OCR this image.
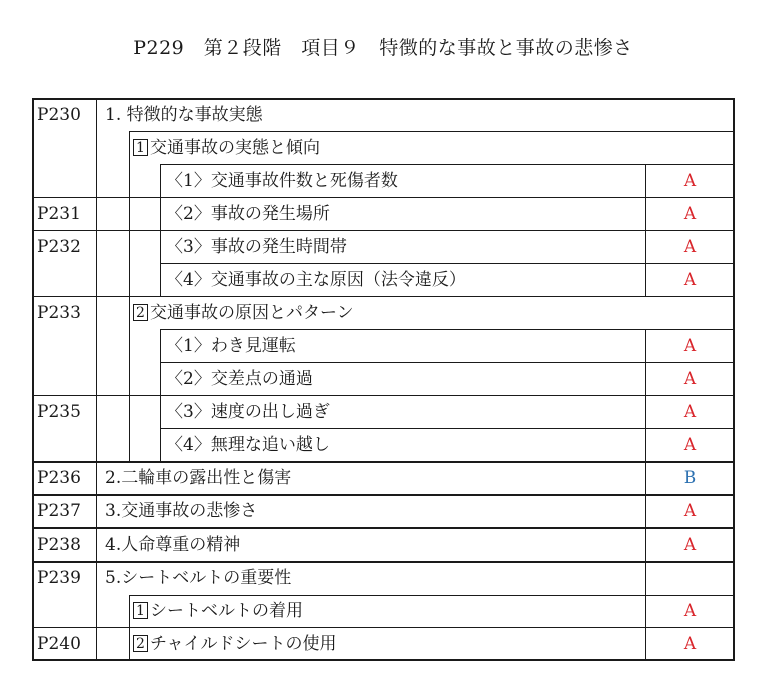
P229　第２段階　項目９　特徴的な事故と事故の悲惨さ
P230 1. 特徴的な事故実態
1 交通事故の実態と傾向
〈1〉交通事故件数と死傷者数	A
P231	〈2〉事故の発生場所	A
P232	〈3〉事故の発生時間帯	A
〈4〉交通事故の主な原因（法令違反）	A
P233	2 交通事故の原因とパターン
〈1〉わき見運転	A
〈2〉交差点の通過	A
P235	〈3〉速度の出し過ぎ	A
〈4〉無理な追い越し	A
P236 2.二輪車の露出性と傷害	B
P237 3.交通事故の悲惨さ	A
P238 4.人命尊重の精神	A
P239 5.シートベルトの重要性
1 シートベルトの着用	A
P240	2 チャイルドシートの使用	A
